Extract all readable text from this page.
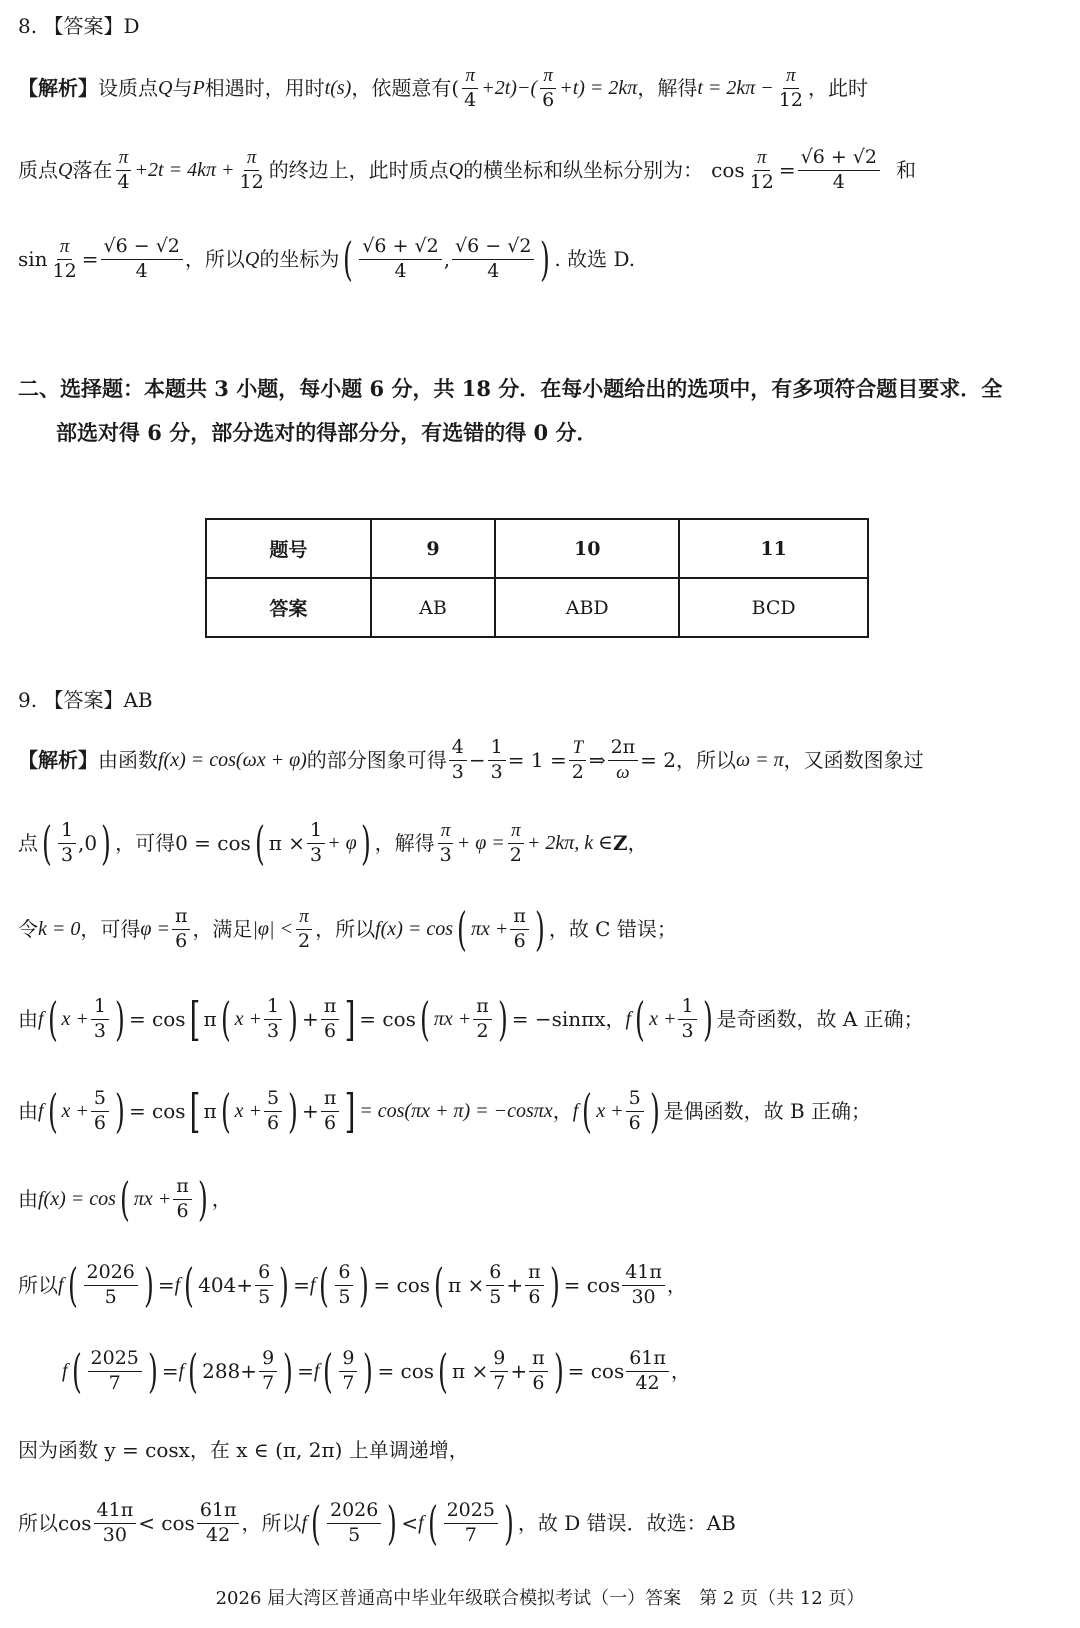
8. 【答案】D
【解析】 设质点 Q 与 P 相遇时，用时 t(s) ，依题意有 ( $\frac{\pi}{4} +2t)-( \frac{\pi}{6} +t) = 2k\pi$ ，解得 $t = 2k\pi - \frac{\pi}{12}$ ，此时
质点 Q 落在 $\frac{\pi}{4} +2t = 4k\pi + \frac{\pi}{12}$ 的终边上，此时质点 Q 的横坐标和纵坐标分别为： $\cos \frac{\pi}{12} = \frac{√6 + √2}{4}$ 和
$\sin \frac{\pi}{12} = \frac{√6 - √2}{4}$ ，所以 Q 的坐标为 ( $\frac{√6 + √2}{4}$ , $\frac{√6 - √2}{4}$
) . 故选 D.
二、选择题：本题共 3 小题，每小题 6 分，共 18 分．在每小题给出的选项中，有多项符合题目要求．全
部选对得 6 分，部分选对的得部分分，有选错的得 0 分．
题号	9	10	11
答案	AB	ABD	BCD
9. 【答案】AB
【解析】 由函数 f(x) = cos(ωx + φ) 的部分图象可得 $\frac{4}{3} - \frac{1}{3} = 1 = \frac{T}{2}$ ⇒ $\frac{2\pi}{\omega} = 2$，所以 ω = π ，又函数图象过
点 ( $\frac{1}{3} ,0$
) ，可得 0 = cos ( $\pi \times \frac{1}{3} + \varphi$
) ，解得 $\frac{\pi}{3} + \varphi = \frac{\pi}{2} + 2k\pi$, k ∈ Z ，
令 k = 0 ，可得 $\varphi = \frac{\pi}{6}$ ，满足 $|\varphi| < \frac{\pi}{2}$ ，所以 f(x) = cos ( $\pi x + \frac{\pi}{6}$
) ，故 C 错误；
由 f ( $x + \frac{1}{3}$
) = cos [ π ( $x + \frac{1}{3}$
) + $\frac{\pi}{6}$
] = cos ( $\pi x + \frac{\pi}{2}$
) = −sinπx ， f ( $x + \frac{1}{3}$
) 是奇函数，故 A 正确；
由 f ( $x + \frac{5}{6}$
) = cos [ π ( $x + \frac{5}{6}$
) + $\frac{\pi}{6}$
] = cos(πx + π) = −cosπx ， f ( $x + \frac{5}{6}$
) 是偶函数，故 B 正确；
由 f(x) = cos ( $\pi x + \frac{\pi}{6}$
) ，
所以 f ( $\frac{2026}{5}$
) = f ( $404 + \frac{6}{5}$
) = f ( $\frac{6}{5}$
) = cos ( $\pi \times \frac{6}{5} + \frac{\pi}{6}$
) = $\cos \frac{41\pi}{30}$ ，
f ( $\frac{2025}{7}$
) = f ( $288 + \frac{9}{7}$
) = f ( $\frac{9}{7}$
) = cos ( $\pi \times \frac{9}{7} + \frac{\pi}{6}$
) = $\cos \frac{61\pi}{42}$ ，
因为函数 y = cosx，在 x ∈ (π, 2π) 上单调递增，
所以 $\cos \frac{41\pi}{30} < \cos \frac{61\pi}{42}$ ，所以 f ( $\frac{2026}{5}$
) < f ( $\frac{2025}{7}$
) ，故 D 错误．故选：AB
2026 届大湾区普通高中毕业年级联合模拟考试（一）答案　第 2 页（共 12 页）
